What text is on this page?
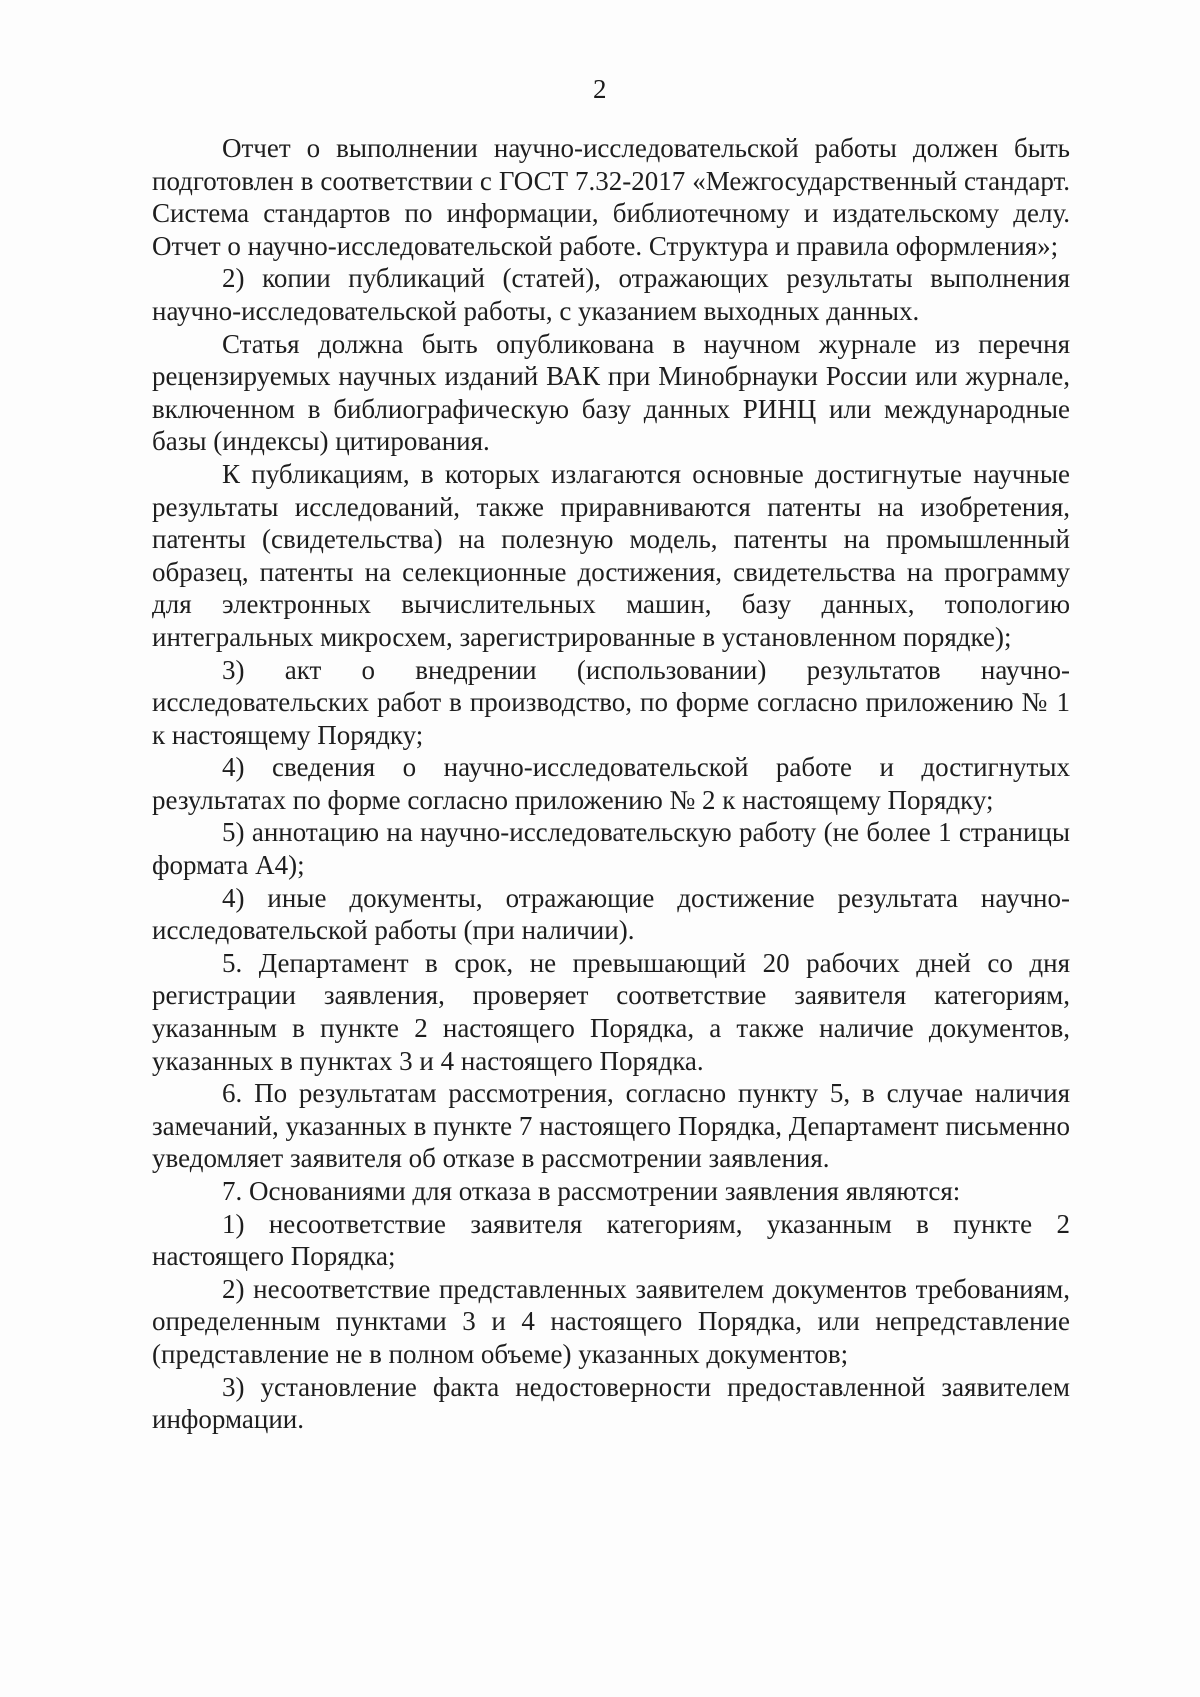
2

Отчет о выполнении научно-исследовательской работы должен быть подготовлен в соответствии с ГОСТ 7.32-2017 «Межгосударственный стандарт. Система стандартов по информации, библиотечному и издательскому делу. Отчет о научно-исследовательской работе. Структура и правила оформления»;

2) копии публикаций (статей), отражающих результаты выполнения научно-исследовательской работы, с указанием выходных данных.

Статья должна быть опубликована в научном журнале из перечня рецензируемых научных изданий ВАК при Минобрнауки России или журнале, включенном в библиографическую базу данных РИНЦ или международные базы (индексы) цитирования.

К публикациям, в которых излагаются основные достигнутые научные результаты исследований, также приравниваются патенты на изобретения, патенты (свидетельства) на полезную модель, патенты на промышленный образец, патенты на селекционные достижения, свидетельства на программу для электронных вычислительных машин, базу данных, топологию интегральных микросхем, зарегистрированные в установленном порядке);

3) акт о внедрении (использовании) результатов научно-исследовательских работ в производство, по форме согласно приложению № 1 к настоящему Порядку;

4) сведения о научно-исследовательской работе и достигнутых результатах по форме согласно приложению № 2 к настоящему Порядку;

5) аннотацию на научно-исследовательскую работу (не более 1 страницы формата А4);

4) иные документы, отражающие достижение результата научно-исследовательской работы (при наличии).

5. Департамент в срок, не превышающий 20 рабочих дней со дня регистрации заявления, проверяет соответствие заявителя категориям, указанным в пункте 2 настоящего Порядка, а также наличие документов, указанных в пунктах 3 и 4 настоящего Порядка.

6. По результатам рассмотрения, согласно пункту 5, в случае наличия замечаний, указанных в пункте 7 настоящего Порядка, Департамент письменно уведомляет заявителя об отказе в рассмотрении заявления.

7. Основаниями для отказа в рассмотрении заявления являются:

1) несоответствие заявителя категориям, указанным в пункте 2 настоящего Порядка;

2) несоответствие представленных заявителем документов требованиям, определенным пунктами 3 и 4 настоящего Порядка, или непредставление (представление не в полном объеме) указанных документов;

3) установление факта недостоверности предоставленной заявителем информации.
